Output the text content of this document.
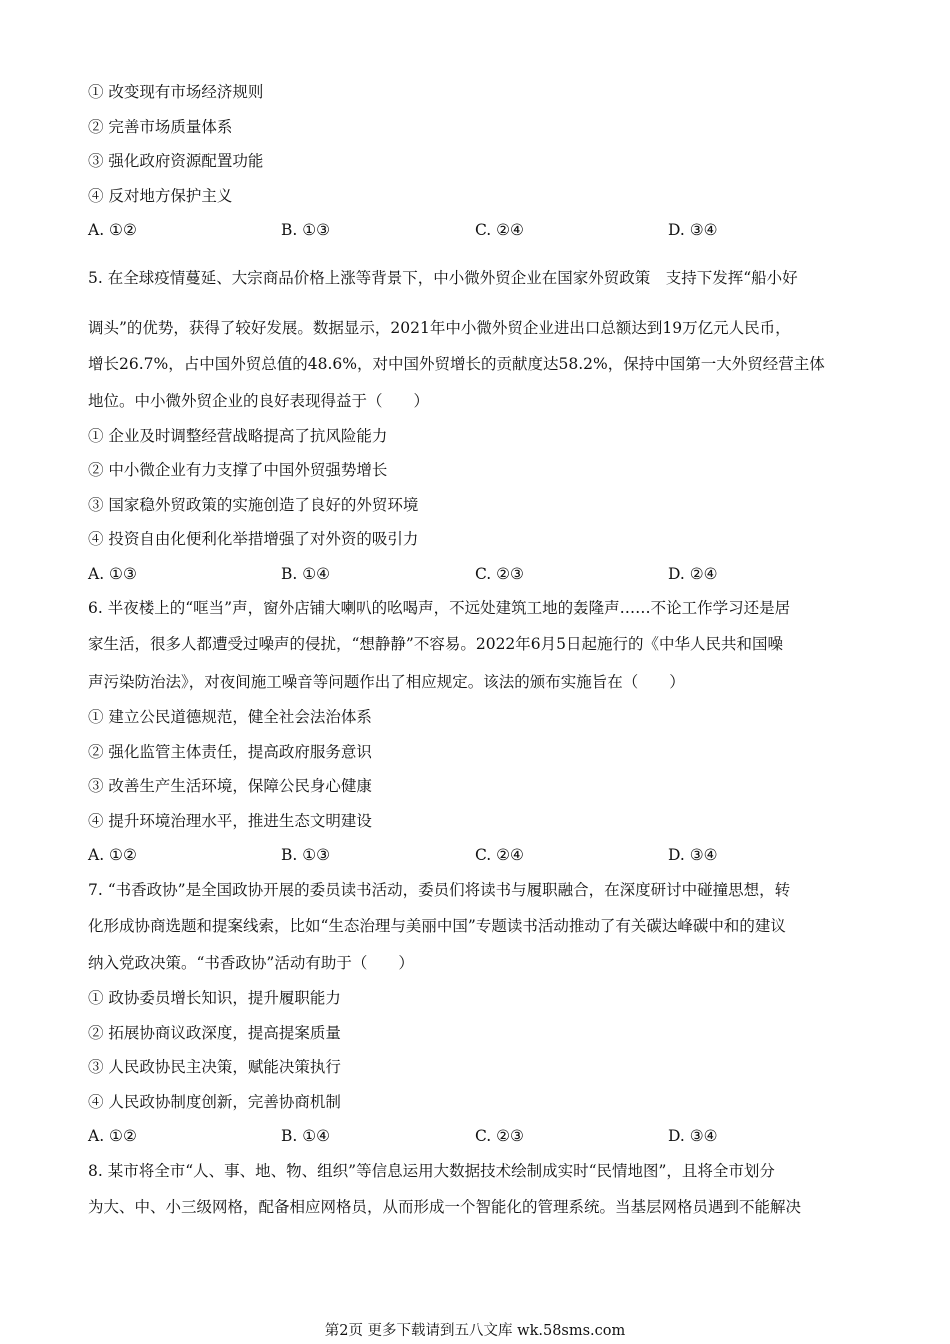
① 改变现有市场经济规则
② 完善市场质量体系
③ 强化政府资源配置功能
④ 反对地方保护主义
A. ①②	B. ①③	C. ②④	D. ③④
5. 在全球疫情蔓延、大宗商品价格上涨等背景下，中小微外贸企业在国家外贸政策　支持下发挥“船小好
调头”的优势，获得了较好发展。数据显示，2021年中小微外贸企业进出口总额达到19万亿元人民币，
增长26.7%，占中国外贸总值的48.6%，对中国外贸增长的贡献度达58.2%，保持中国第一大外贸经营主体
地位。中小微外贸企业的良好表现得益于（　　）
① 企业及时调整经营战略提高了抗风险能力
② 中小微企业有力支撑了中国外贸强势增长
③ 国家稳外贸政策的实施创造了良好的外贸环境
④ 投资自由化便利化举措增强了对外资的吸引力
A. ①③	B. ①④	C. ②③	D. ②④
6. 半夜楼上的“哐当”声，窗外店铺大喇叭的吆喝声，不远处建筑工地的轰隆声……不论工作学习还是居
家生活，很多人都遭受过噪声的侵扰，“想静静”不容易。2022年6月5日起施行的《中华人民共和国噪
声污染防治法》，对夜间施工噪音等问题作出了相应规定。该法的颁布实施旨在（　　）
① 建立公民道德规范，健全社会法治体系
② 强化监管主体责任，提高政府服务意识
③ 改善生产生活环境，保障公民身心健康
④ 提升环境治理水平，推进生态文明建设
A. ①②	B. ①③	C. ②④	D. ③④
7. “书香政协”是全国政协开展的委员读书活动，委员们将读书与履职融合，在深度研讨中碰撞思想，转
化形成协商选题和提案线索，比如“生态治理与美丽中国”专题读书活动推动了有关碳达峰碳中和的建议
纳入党政决策。“书香政协”活动有助于（　　）
① 政协委员增长知识，提升履职能力
② 拓展协商议政深度，提高提案质量
③ 人民政协民主决策，赋能决策执行
④ 人民政协制度创新，完善协商机制
A. ①②	B. ①④	C. ②③	D. ③④
8. 某市将全市“人、事、地、物、组织”等信息运用大数据技术绘制成实时“民情地图”，且将全市划分
为大、中、小三级网格，配备相应网格员，从而形成一个智能化的管理系统。当基层网格员遇到不能解决
第2页 更多下载请到五八文库 wk.58sms.com
